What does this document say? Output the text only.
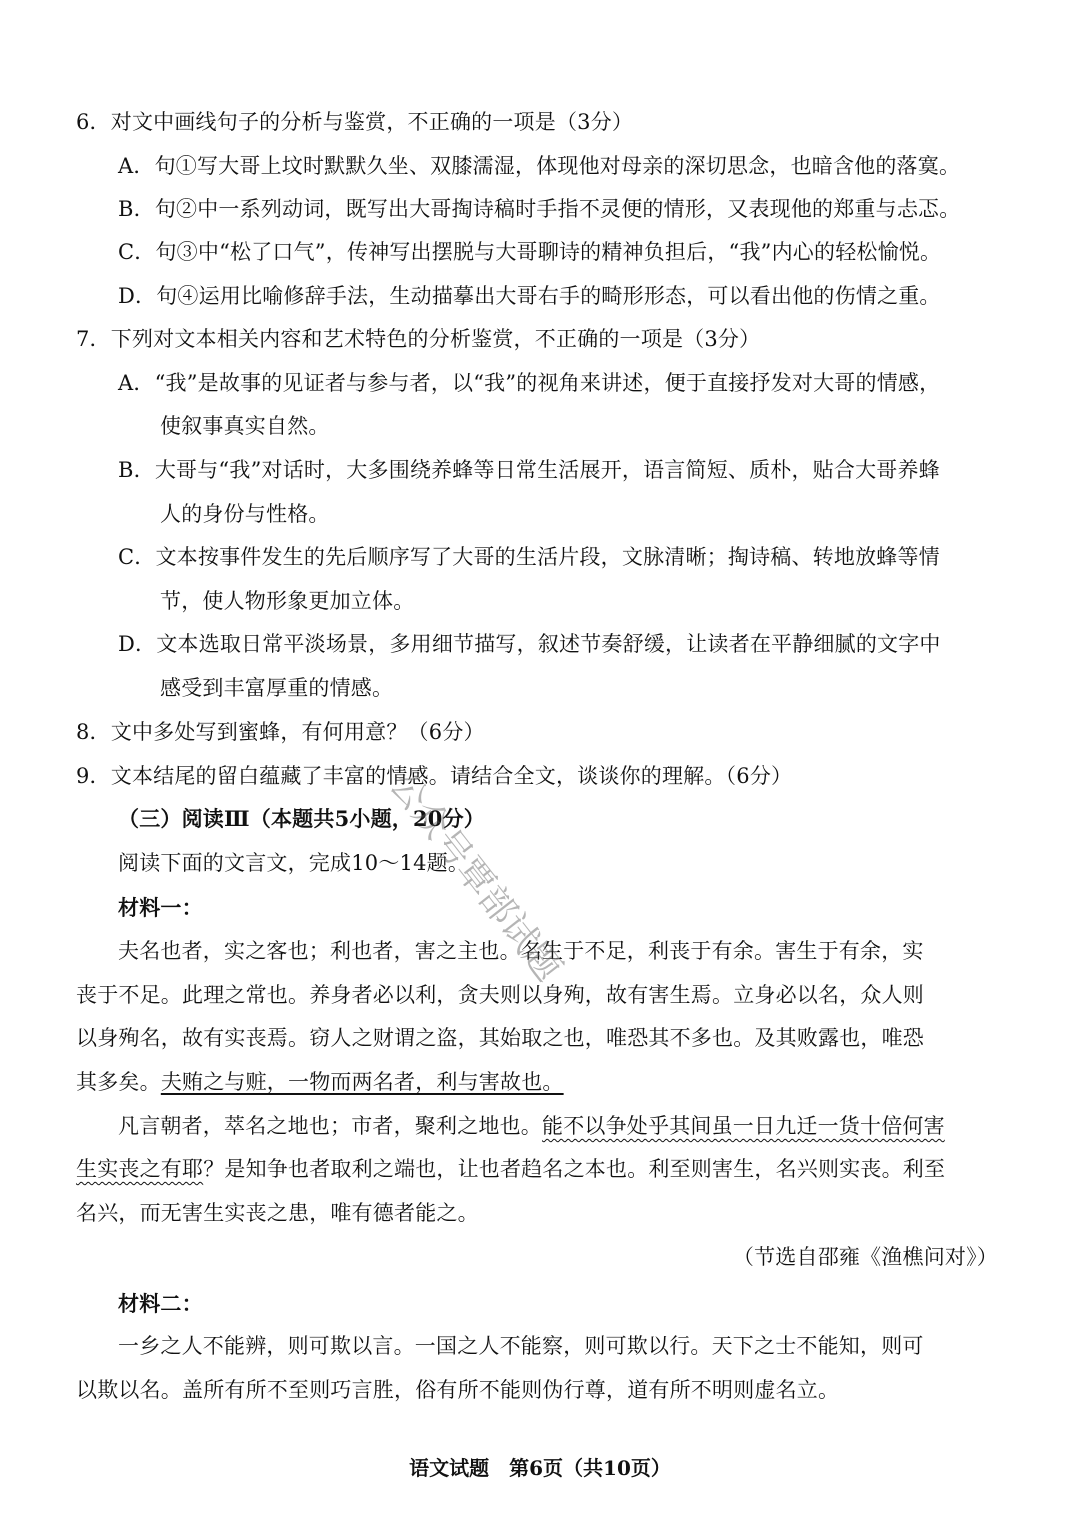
6．对文中画线句子的分析与鉴赏，不正确的一项是（3分）
A．句①写大哥上坟时默默久坐、双膝濡湿，体现他对母亲的深切思念，也暗含他的落寞。
B．句②中一系列动词，既写出大哥掏诗稿时手指不灵便的情形，又表现他的郑重与忐忑。
C．句③中“松了口气”，传神写出摆脱与大哥聊诗的精神负担后，“我”内心的轻松愉悦。
D．句④运用比喻修辞手法，生动描摹出大哥右手的畸形形态，可以看出他的伤情之重。
7．下列对文本相关内容和艺术特色的分析鉴赏，不正确的一项是（3分）
A．“我”是故事的见证者与参与者，以“我”的视角来讲述，便于直接抒发对大哥的情感，
使叙事真实自然。
B．大哥与“我”对话时，大多围绕养蜂等日常生活展开，语言简短、质朴，贴合大哥养蜂
人的身份与性格。
C．文本按事件发生的先后顺序写了大哥的生活片段，文脉清晰；掏诗稿、转地放蜂等情
节，使人物形象更加立体。
D．文本选取日常平淡场景，多用细节描写，叙述节奏舒缓，让读者在平静细腻的文字中
感受到丰富厚重的情感。
8．文中多处写到蜜蜂，有何用意？（6分）
9．文本结尾的留白蕴藏了丰富的情感。请结合全文，谈谈你的理解。（6分）
（三）阅读Ⅲ（本题共5小题，20分）
阅读下面的文言文，完成10～14题。
材料一：
夫名也者，实之客也；利也者，害之主也。名生于不足，利丧于有余。害生于有余，实
丧于不足。此理之常也。养身者必以利，贪夫则以身殉，故有害生焉。立身必以名，众人则
以身殉名，故有实丧焉。窃人之财谓之盗，其始取之也，唯恐其不多也。及其败露也，唯恐
其多矣。夫贿之与赃，一物而两名者，利与害故也。
凡言朝者，萃名之地也；市者，聚利之地也。能不以争处乎其间虽一日九迁一货十倍何害
生实丧之有耶？是知争也者取利之端也，让也者趋名之本也。利至则害生，名兴则实丧。利至
名兴，而无害生实丧之患，唯有德者能之。
（节选自邵雍《渔樵问对》）
材料二：
一乡之人不能辨，则可欺以言。一国之人不能察，则可欺以行。天下之士不能知，则可
以欺以名。盖所有所不至则巧言胜，俗有所不能则伪行尊，道有所不明则虚名立。
公众号覃部试题
语文试题　第6页（共10页）
